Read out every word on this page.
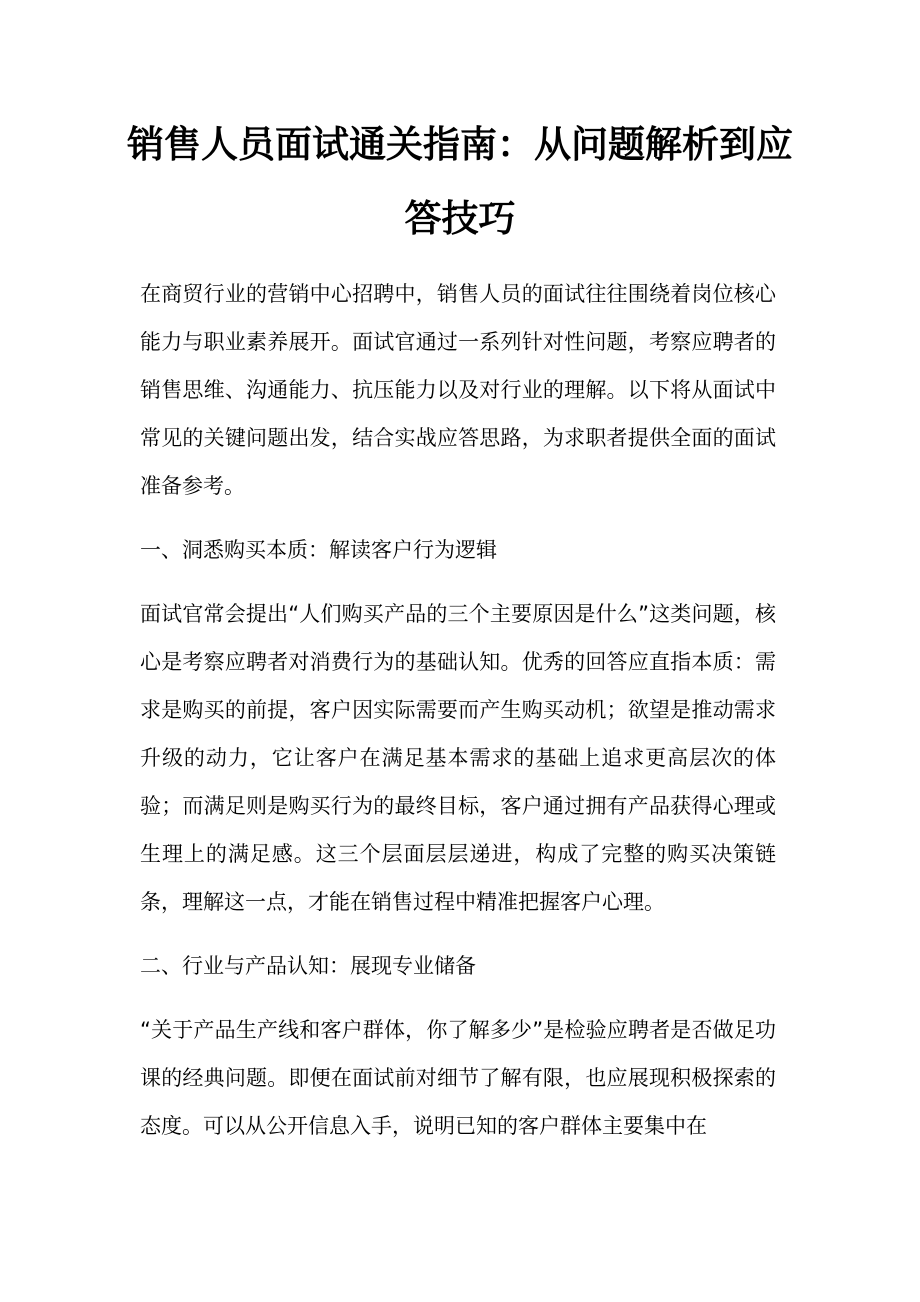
销售人员面试通关指南：从问题解析到应答技巧

在商贸行业的营销中心招聘中，销售人员的面试往往围绕着岗位核心能力与职业素养展开。面试官通过一系列针对性问题，考察应聘者的销售思维、沟通能力、抗压能力以及对行业的理解。以下将从面试中常见的关键问题出发，结合实战应答思路，为求职者提供全面的面试准备参考。

一、洞悉购买本质：解读客户行为逻辑

面试官常会提出“人们购买产品的三个主要原因是什么”这类问题，核心是考察应聘者对消费行为的基础认知。优秀的回答应直指本质：需求是购买的前提，客户因实际需要而产生购买动机；欲望是推动需求升级的动力，它让客户在满足基本需求的基础上追求更高层次的体验；而满足则是购买行为的最终目标，客户通过拥有产品获得心理或生理上的满足感。这三个层面层层递进，构成了完整的购买决策链条，理解这一点，才能在销售过程中精准把握客户心理。

二、行业与产品认知：展现专业储备

“关于产品生产线和客户群体，你了解多少”是检验应聘者是否做足功课的经典问题。即便在面试前对细节了解有限，也应展现积极探索的态度。可以从公开信息入手，说明已知的客户群体主要集中在
